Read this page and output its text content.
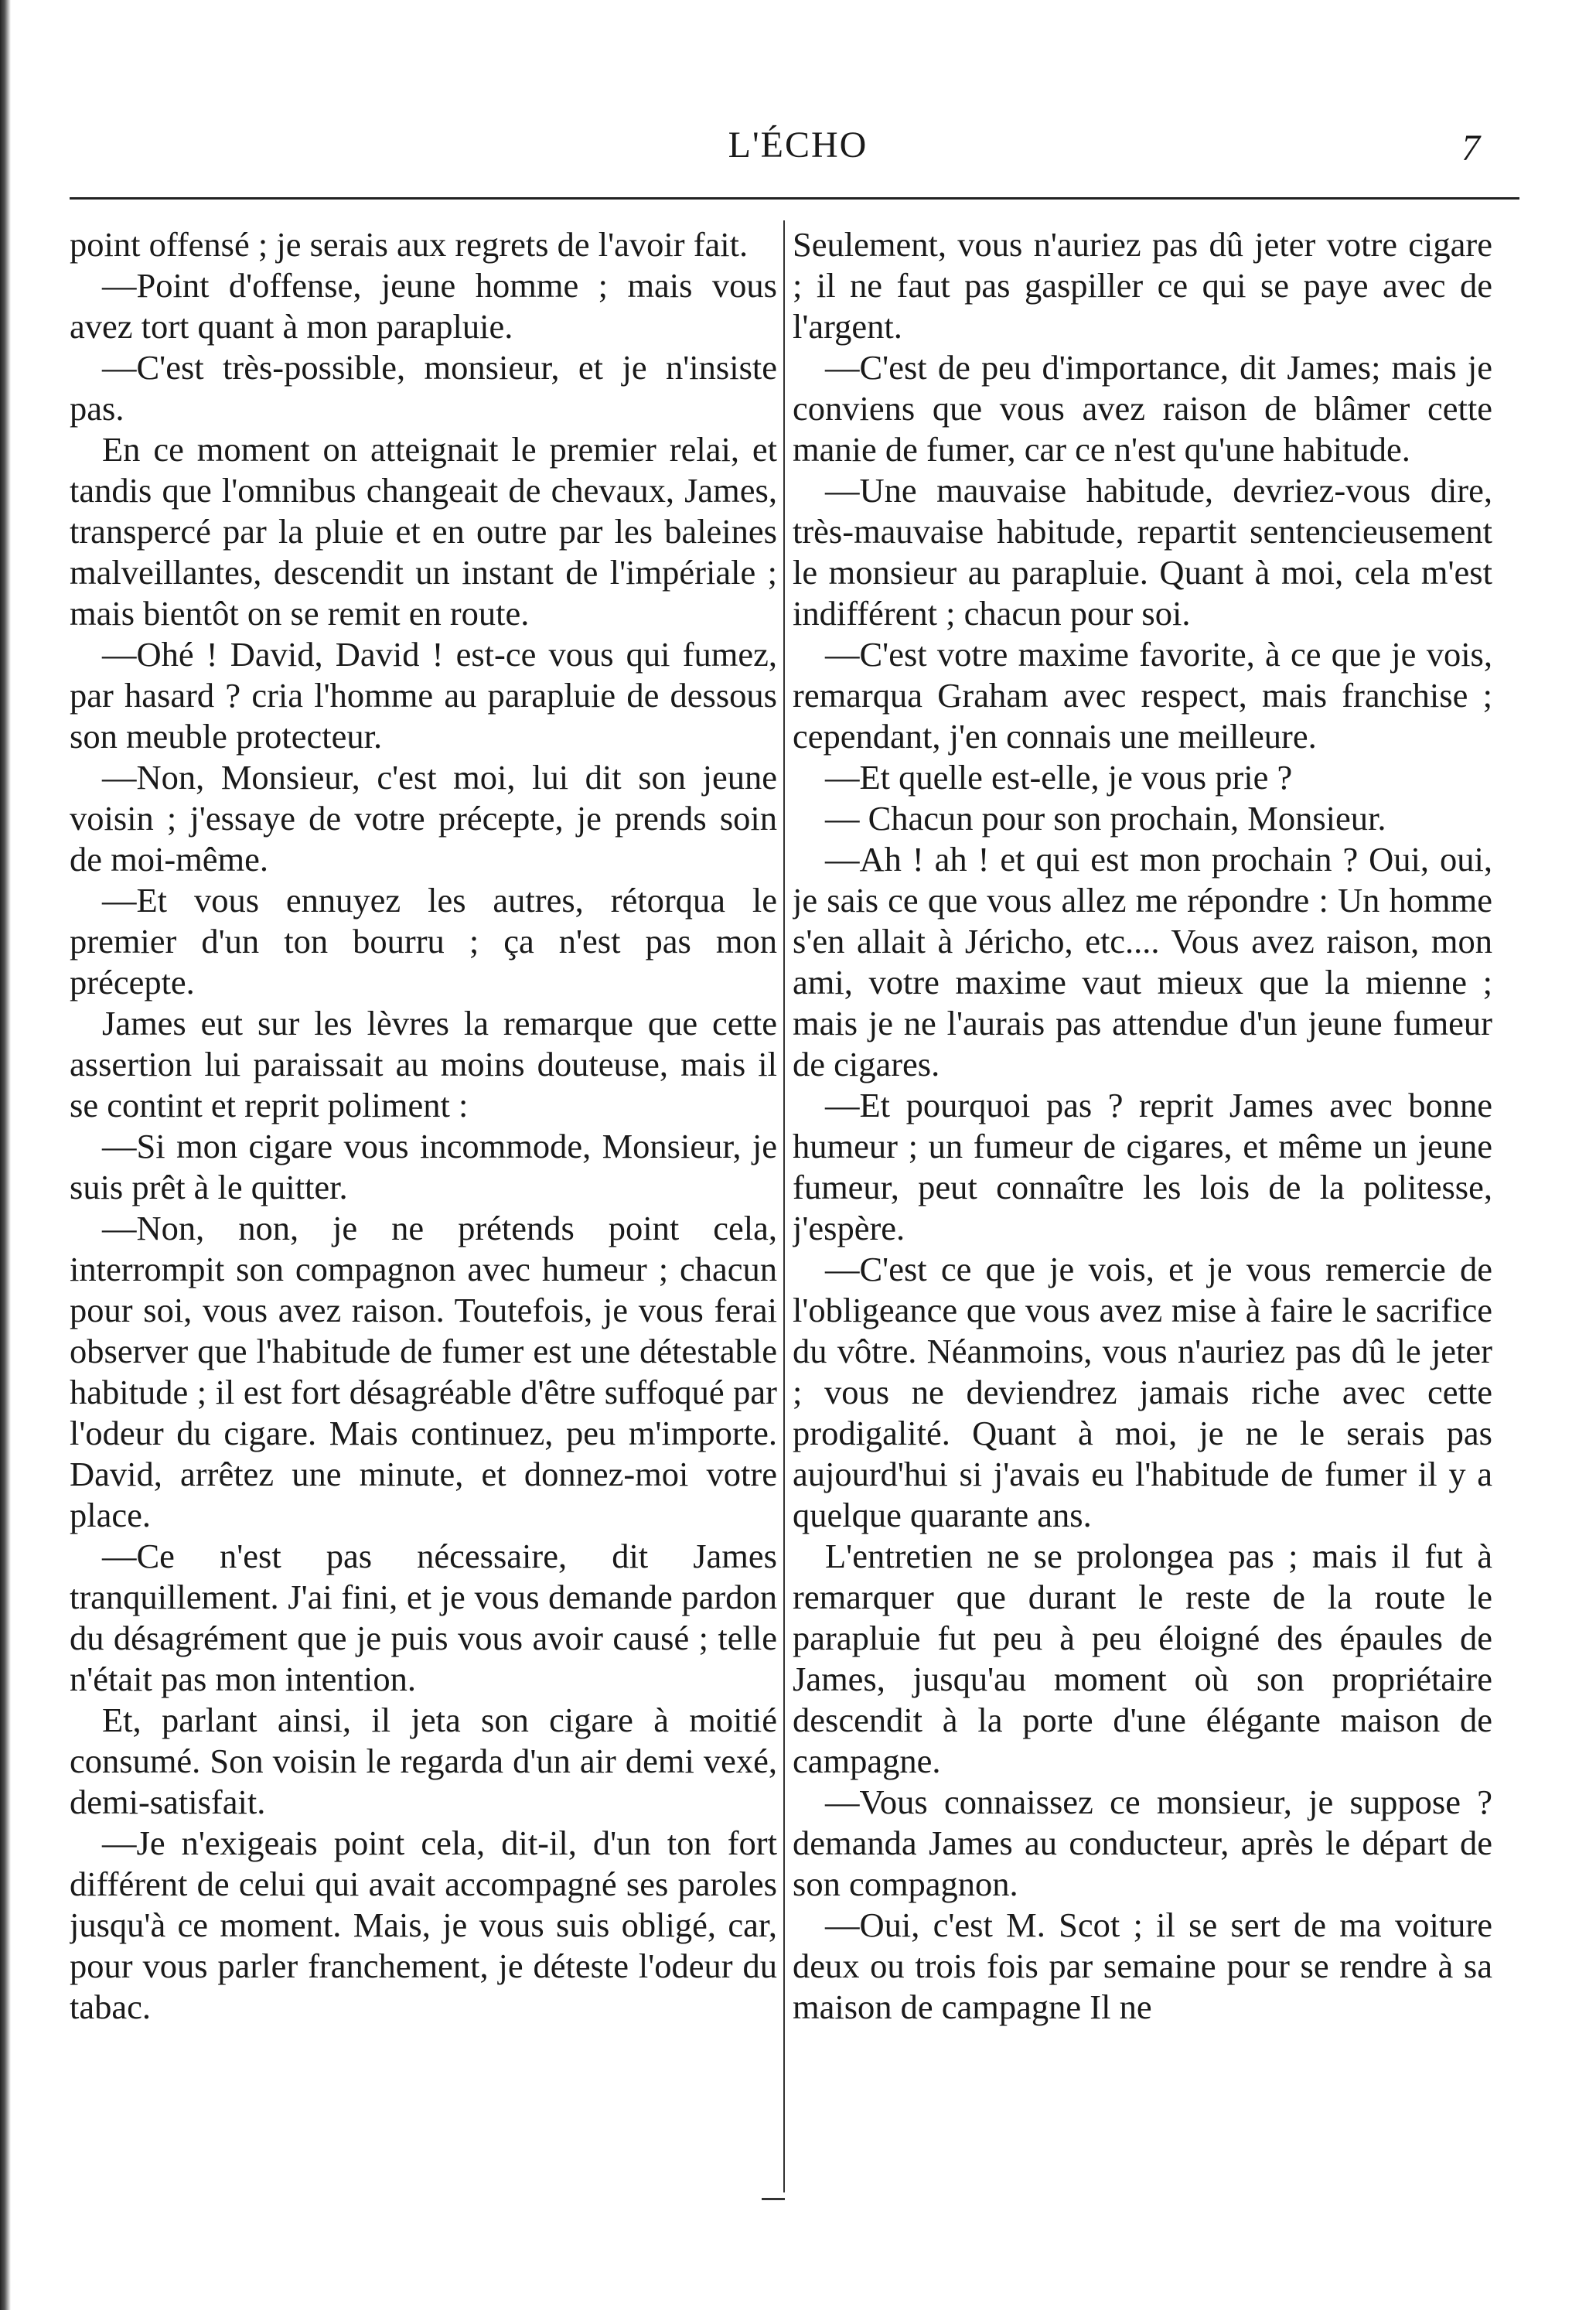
L'ÉCHO	7

point offensé ; je serais aux regrets de l'avoir fait.

—Point d'offense, jeune homme ; mais vous avez tort quant à mon parapluie.

—C'est très-possible, monsieur, et je n'insiste pas.

En ce moment on atteignait le premier relai, et tandis que l'omnibus changeait de chevaux, James, transpercé par la pluie et en outre par les baleines malveillantes, descendit un instant de l'impériale ; mais bientôt on se remit en route.

—Ohé ! David, David ! est-ce vous qui fumez, par hasard ? cria l'homme au parapluie de dessous son meuble protecteur.

—Non, Monsieur, c'est moi, lui dit son jeune voisin ; j'essaye de votre précepte, je prends soin de moi-même.

—Et vous ennuyez les autres, rétorqua le premier d'un ton bourru ; ça n'est pas mon précepte.

James eut sur les lèvres la remarque que cette assertion lui paraissait au moins douteuse, mais il se contint et reprit poliment :

—Si mon cigare vous incommode, Monsieur, je suis prêt à le quitter.

—Non, non, je ne prétends point cela, interrompit son compagnon avec humeur ; chacun pour soi, vous avez raison. Toutefois, je vous ferai observer que l'habitude de fumer est une détestable habitude ; il est fort désagréable d'être suffoqué par l'odeur du cigare. Mais continuez, peu m'importe. David, arrêtez une minute, et donnez-moi votre place.

—Ce n'est pas nécessaire, dit James tranquillement. J'ai fini, et je vous demande pardon du désagrément que je puis vous avoir causé ; telle n'était pas mon intention.

Et, parlant ainsi, il jeta son cigare à moitié consumé. Son voisin le regarda d'un air demi vexé, demi-satisfait.

—Je n'exigeais point cela, dit-il, d'un ton fort différent de celui qui avait accompagné ses paroles jusqu'à ce moment. Mais, je vous suis obligé, car, pour vous parler franchement, je déteste l'odeur du tabac.

Seulement, vous n'auriez pas dû jeter votre cigare ; il ne faut pas gaspiller ce qui se paye avec de l'argent.

—C'est de peu d'importance, dit James; mais je conviens que vous avez raison de blâmer cette manie de fumer, car ce n'est qu'une habitude.

—Une mauvaise habitude, devriez-vous dire, très-mauvaise habitude, repartit sentencieusement le monsieur au parapluie. Quant à moi, cela m'est indifférent ; chacun pour soi.

—C'est votre maxime favorite, à ce que je vois, remarqua Graham avec respect, mais franchise ; cependant, j'en connais une meilleure.

—Et quelle est-elle, je vous prie ?

— Chacun pour son prochain, Monsieur.

—Ah ! ah ! et qui est mon prochain ? Oui, oui, je sais ce que vous allez me répondre : Un homme s'en allait à Jéricho, etc.... Vous avez raison, mon ami, votre maxime vaut mieux que la mienne ; mais je ne l'aurais pas attendue d'un jeune fumeur de cigares.

—Et pourquoi pas ? reprit James avec bonne humeur ; un fumeur de cigares, et même un jeune fumeur, peut connaître les lois de la politesse, j'espère.

—C'est ce que je vois, et je vous remercie de l'obligeance que vous avez mise à faire le sacrifice du vôtre. Néanmoins, vous n'auriez pas dû le jeter ; vous ne deviendrez jamais riche avec cette prodigalité. Quant à moi, je ne le serais pas aujourd'hui si j'avais eu l'habitude de fumer il y a quelque quarante ans.

L'entretien ne se prolongea pas ; mais il fut à remarquer que durant le reste de la route le parapluie fut peu à peu éloigné des épaules de James, jusqu'au moment où son propriétaire descendit à la porte d'une élégante maison de campagne.

—Vous connaissez ce monsieur, je suppose ? demanda James au conducteur, après le départ de son compagnon.

—Oui, c'est M. Scot ; il se sert de ma voiture deux ou trois fois par semaine pour se rendre à sa maison de campagne Il ne
